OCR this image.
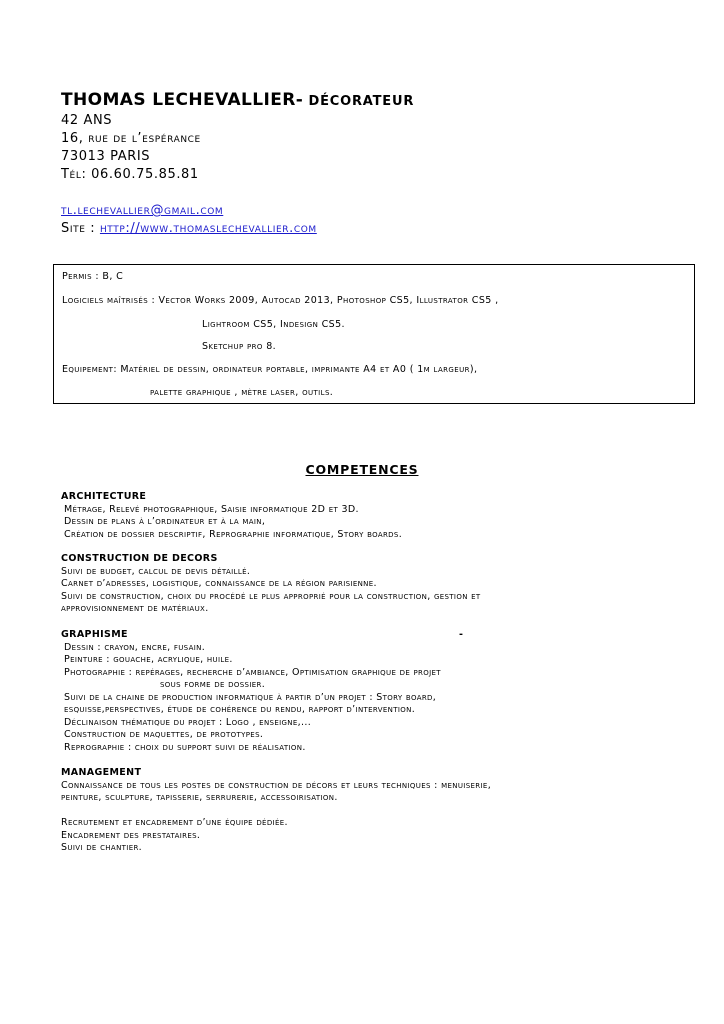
THOMAS LECHEVALLIER- DÉCORATEUR
42 ANS
16, rue de l’espérance
73013 PARIS
Tél: 06.60.75.85.81
tl.lechevallier@gmail.com
Site : http://www.thomaslechevallier.com
Permis : B, C
Logiciels maîtrisés : Vector Works 2009, Autocad 2013, Photoshop CS5, Illustrator CS5 ,
Lightroom CS5, Indesign CS5.
Sketchup pro 8.
Equipement: Matériel de dessin, ordinateur portable, imprimante A4 et A0 ( 1m largeur),
palette graphique , mètre laser, outils.
COMPETENCES
ARCHITECTURE
Métrage, Relevé photographique, Saisie informatique 2D et 3D.
Dessin de plans à l’ordinateur et à la main,
Création de dossier descriptif, Reprographie informatique, Story boards.
CONSTRUCTION DE DECORS
Suivi de budget, calcul de devis détaillé.
Carnet d’adresses, logistique, connaissance de la région parisienne.
Suivi de construction, choix du procédé le plus approprié pour la construction, gestion et
approvisionnement de matériaux.
GRAPHISME	-
Dessin : crayon, encre, fusain.
Peinture : gouache, acrylique, huile.
Photographie : repérages, recherche d’ambiance, Optimisation graphique de projet
sous forme de dossier.
Suivi de la chaine de production informatique à partir d’un projet : Story board,
esquisse,perspectives, étude de cohérence du rendu, rapport d’intervention.
Déclinaison thématique du projet : Logo , enseigne,...
Construction de maquettes, de prototypes.
Reprographie : choix du support suivi de réalisation.
MANAGEMENT
Connaissance de tous les postes de construction de décors et leurs techniques : menuiserie,
peinture, sculpture, tapisserie, serrurerie, accessoirisation.
Recrutement et encadrement d’une équipe dédiée.
Encadrement des prestataires.
Suivi de chantier.
